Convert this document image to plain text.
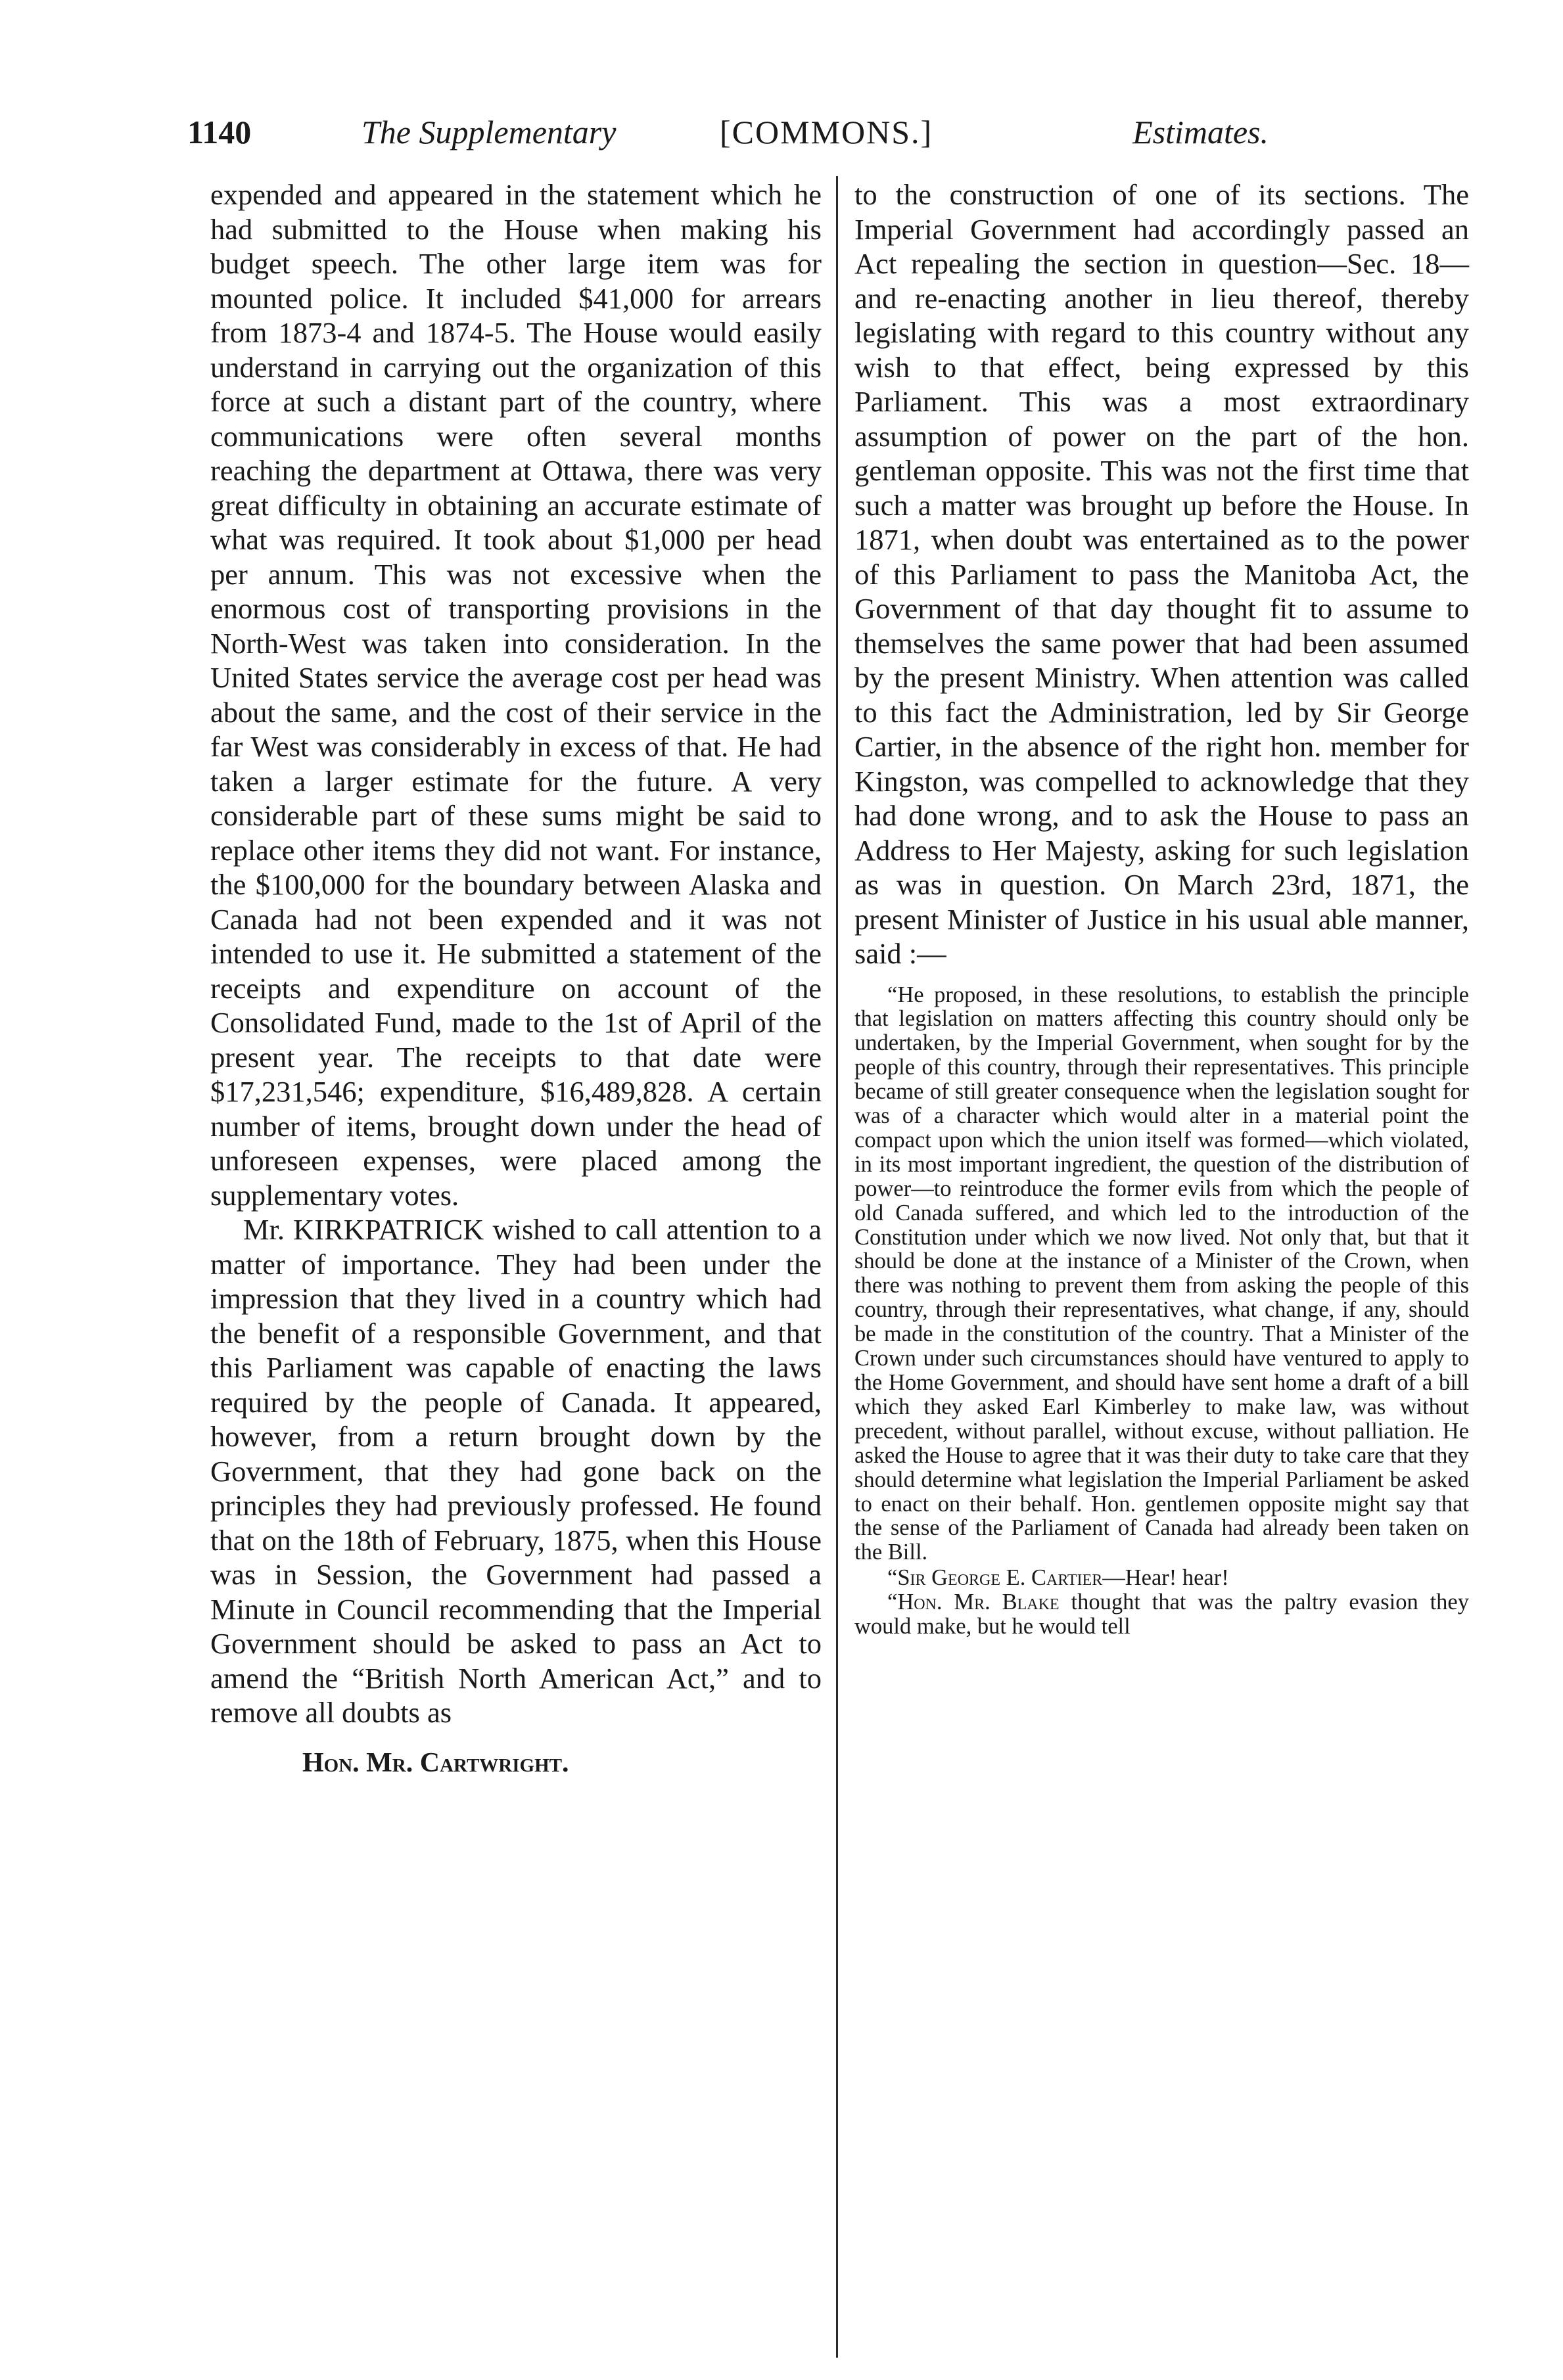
1140	The Supplementary	[COMMONS.]	Estimates.

expended and appeared in the statement which he had submitted to the House when making his budget speech. The other large item was for mounted police. It included $41,000 for arrears from 1873-4 and 1874-5. The House would easily understand in carrying out the organization of this force at such a distant part of the country, where communications were often several months reaching the department at Ottawa, there was very great difficulty in obtaining an accurate estimate of what was required. It took about $1,000 per head per annum. This was not excessive when the enormous cost of transporting provisions in the North-West was taken into consideration. In the United States service the average cost per head was about the same, and the cost of their service in the far West was considerably in excess of that. He had taken a larger estimate for the future. A very considerable part of these sums might be said to replace other items they did not want. For instance, the $100,000 for the boundary between Alaska and Canada had not been expended and it was not intended to use it. He submitted a statement of the receipts and expenditure on account of the Consolidated Fund, made to the 1st of April of the present year. The receipts to that date were $17,231,546; expenditure, $16,489,828. A certain number of items, brought down under the head of unforeseen expenses, were placed among the supplementary votes.

Mr. KIRKPATRICK wished to call attention to a matter of importance. They had been under the impression that they lived in a country which had the benefit of a responsible Government, and that this Parliament was capable of enacting the laws required by the people of Canada. It appeared, however, from a return brought down by the Government, that they had gone back on the principles they had previously professed. He found that on the 18th of February, 1875, when this House was in Session, the Government had passed a Minute in Council recommending that the Imperial Government should be asked to pass an Act to amend the “British North American Act,” and to remove all doubts as

Hon. Mr. Cartwright.

to the construction of one of its sections. The Imperial Government had accordingly passed an Act repealing the section in question—Sec. 18—and re-enacting another in lieu thereof, thereby legislating with regard to this country without any wish to that effect, being expressed by this Parliament. This was a most extraordinary assumption of power on the part of the hon. gentleman opposite. This was not the first time that such a matter was brought up before the House. In 1871, when doubt was entertained as to the power of this Parliament to pass the Manitoba Act, the Government of that day thought fit to assume to themselves the same power that had been assumed by the present Ministry. When attention was called to this fact the Administration, led by Sir George Cartier, in the absence of the right hon. member for Kingston, was compelled to acknowledge that they had done wrong, and to ask the House to pass an Address to Her Majesty, asking for such legislation as was in question. On March 23rd, 1871, the present Minister of Justice in his usual able manner, said :—

“He proposed, in these resolutions, to establish the principle that legislation on matters affecting this country should only be undertaken, by the Imperial Government, when sought for by the people of this country, through their representatives. This principle became of still greater consequence when the legislation sought for was of a character which would alter in a material point the compact upon which the union itself was formed—which violated, in its most important ingredient, the question of the distribution of power—to reintroduce the former evils from which the people of old Canada suffered, and which led to the introduction of the Constitution under which we now lived. Not only that, but that it should be done at the instance of a Minister of the Crown, when there was nothing to prevent them from asking the people of this country, through their representatives, what change, if any, should be made in the constitution of the country. That a Minister of the Crown under such circumstances should have ventured to apply to the Home Government, and should have sent home a draft of a bill which they asked Earl Kimberley to make law, was without precedent, without parallel, without excuse, without palliation. He asked the House to agree that it was their duty to take care that they should determine what legislation the Imperial Parliament be asked to enact on their behalf. Hon. gentlemen opposite might say that the sense of the Parliament of Canada had already been taken on the Bill.

“Sir George E. Cartier—Hear! hear!

“Hon. Mr. Blake thought that was the paltry evasion they would make, but he would tell
